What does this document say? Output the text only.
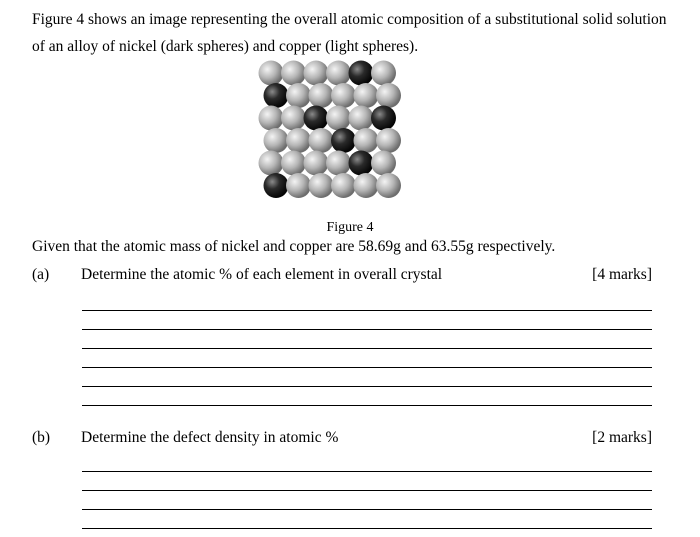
Figure 4 shows an image representing the overall atomic composition of a substitutional solid solution of an alloy of nickel (dark spheres) and copper (light spheres).

Figure 4

Given that the atomic mass of nickel and copper are 58.69g and 63.55g respectively.

(a) Determine the atomic % of each element in overall crystal	[4 marks]
(b) Determine the defect density in atomic %	[2 marks]
